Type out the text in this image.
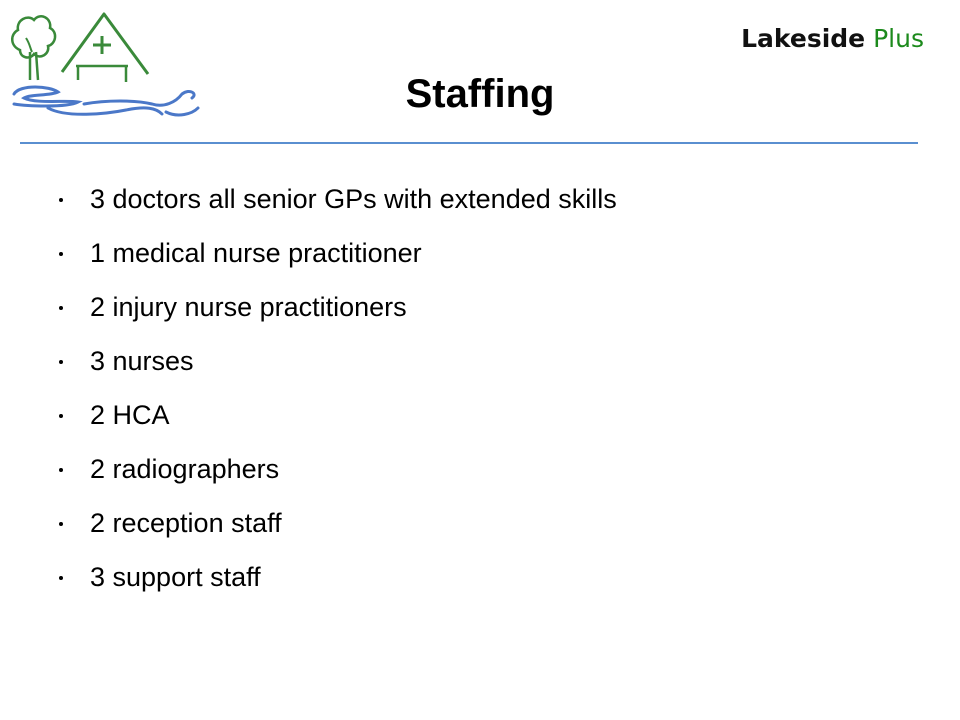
Lakeside Plus
Staffing
3 doctors all senior GPs with extended skills
1 medical nurse practitioner
2 injury nurse practitioners
3 nurses
2 HCA
2 radiographers
2 reception staff
3 support staff
